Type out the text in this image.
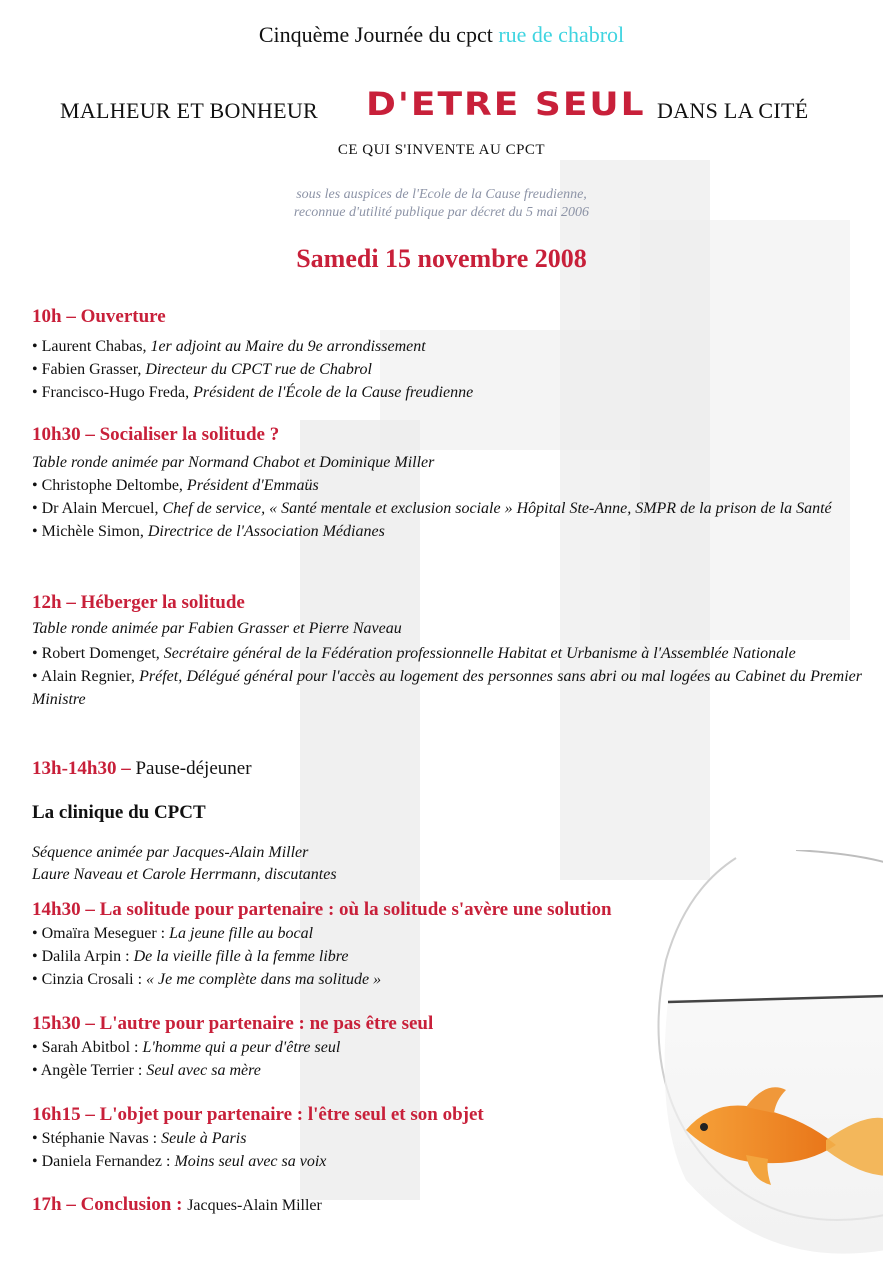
Cinquème Journée du cpct rue de chabrol
MALHEUR ET BONHEUR D'ETRE SEUL DANS LA CITÉ
CE QUI S'INVENTE AU CPCT
sous les auspices de l'Ecole de la Cause freudienne,
reconnue d'utilité publique par décret du 5 mai 2006
Samedi 15 novembre 2008
10h – Ouverture
• Laurent Chabas, 1er adjoint au Maire du 9e arrondissement
• Fabien Grasser, Directeur du CPCT rue de Chabrol
• Francisco-Hugo Freda, Président de l'École de la Cause freudienne
10h30 – Socialiser la solitude ?
Table ronde animée par Normand Chabot et Dominique Miller
• Christophe Deltombe, Président d'Emmaüs
• Dr Alain Mercuel, Chef de service, « Santé mentale et exclusion sociale » Hôpital Ste-Anne, SMPR de la prison de la Santé
• Michèle Simon, Directrice de l'Association Médianes
12h – Héberger la solitude
Table ronde animée par Fabien Grasser et Pierre Naveau
• Robert Domenget, Secrétaire général de la Fédération professionnelle Habitat et Urbanisme à l'Assemblée Nationale
• Alain Regnier, Préfet, Délégué général pour l'accès au logement des personnes sans abri ou mal logées au Cabinet du Premier Ministre
13h-14h30 – Pause-déjeuner
La clinique du CPCT
Séquence animée par Jacques-Alain Miller
Laure Naveau et Carole Herrmann, discutantes
14h30 – La solitude pour partenaire : où la solitude s'avère une solution
• Omaïra Meseguer : La jeune fille au bocal
• Dalila Arpin : De la vieille fille à la femme libre
• Cinzia Crosali : « Je me complète dans ma solitude »
15h30 – L'autre pour partenaire : ne pas être seul
• Sarah Abitbol : L'homme qui a peur d'être seul
• Angèle Terrier : Seul avec sa mère
16h15 – L'objet pour partenaire : l'être seul et son objet
• Stéphanie Navas : Seule à Paris
• Daniela Fernandez : Moins seul avec sa voix
17h – Conclusion : Jacques-Alain Miller
